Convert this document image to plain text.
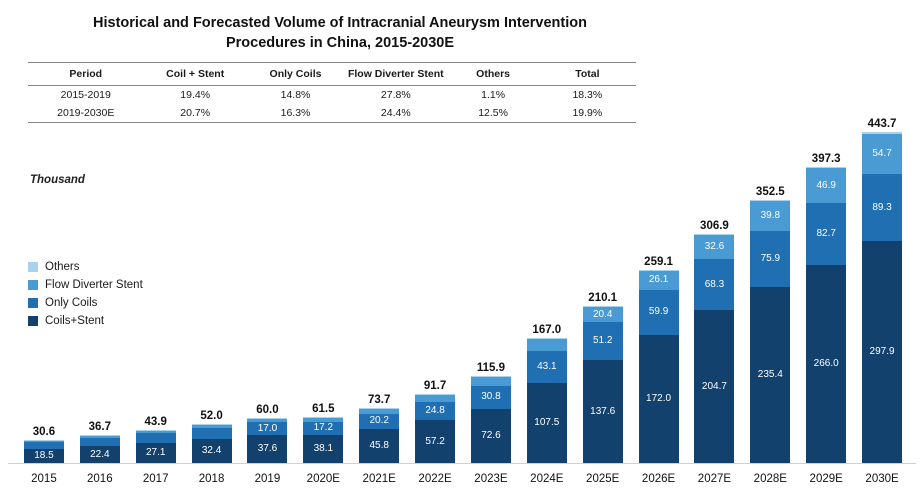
Historical and Forecasted Volume of Intracranial Aneurysm Intervention
Procedures in China, 2015-2030E
Period	Coil + Stent	Only Coils	Flow Diverter Stent	Others	Total
2015-2019	19.4%	14.8%	27.8%	1.1%	18.3%
2019-2030E	20.7%	16.3%	24.4%	12.5%	19.9%
Thousand
Others
Flow Diverter Stent
Only Coils
Coils+Stent
30.6
18.5
2015
36.7
22.4
2016
43.9
27.1
2017
52.0
32.4
2018
60.0
17.0
37.6
2019
61.5
17.2
38.1
2020E
73.7
20.2
45.8
2021E
91.7
24.8
57.2
2022E
115.9
30.8
72.6
2023E
167.0
43.1
107.5
2024E
210.1
20.4
51.2
137.6
2025E
259.1
26.1
59.9
172.0
2026E
306.9
32.6
68.3
204.7
2027E
352.5
39.8
75.9
235.4
2028E
397.3
46.9
82.7
266.0
2029E
443.7
54.7
89.3
297.9
2030E
